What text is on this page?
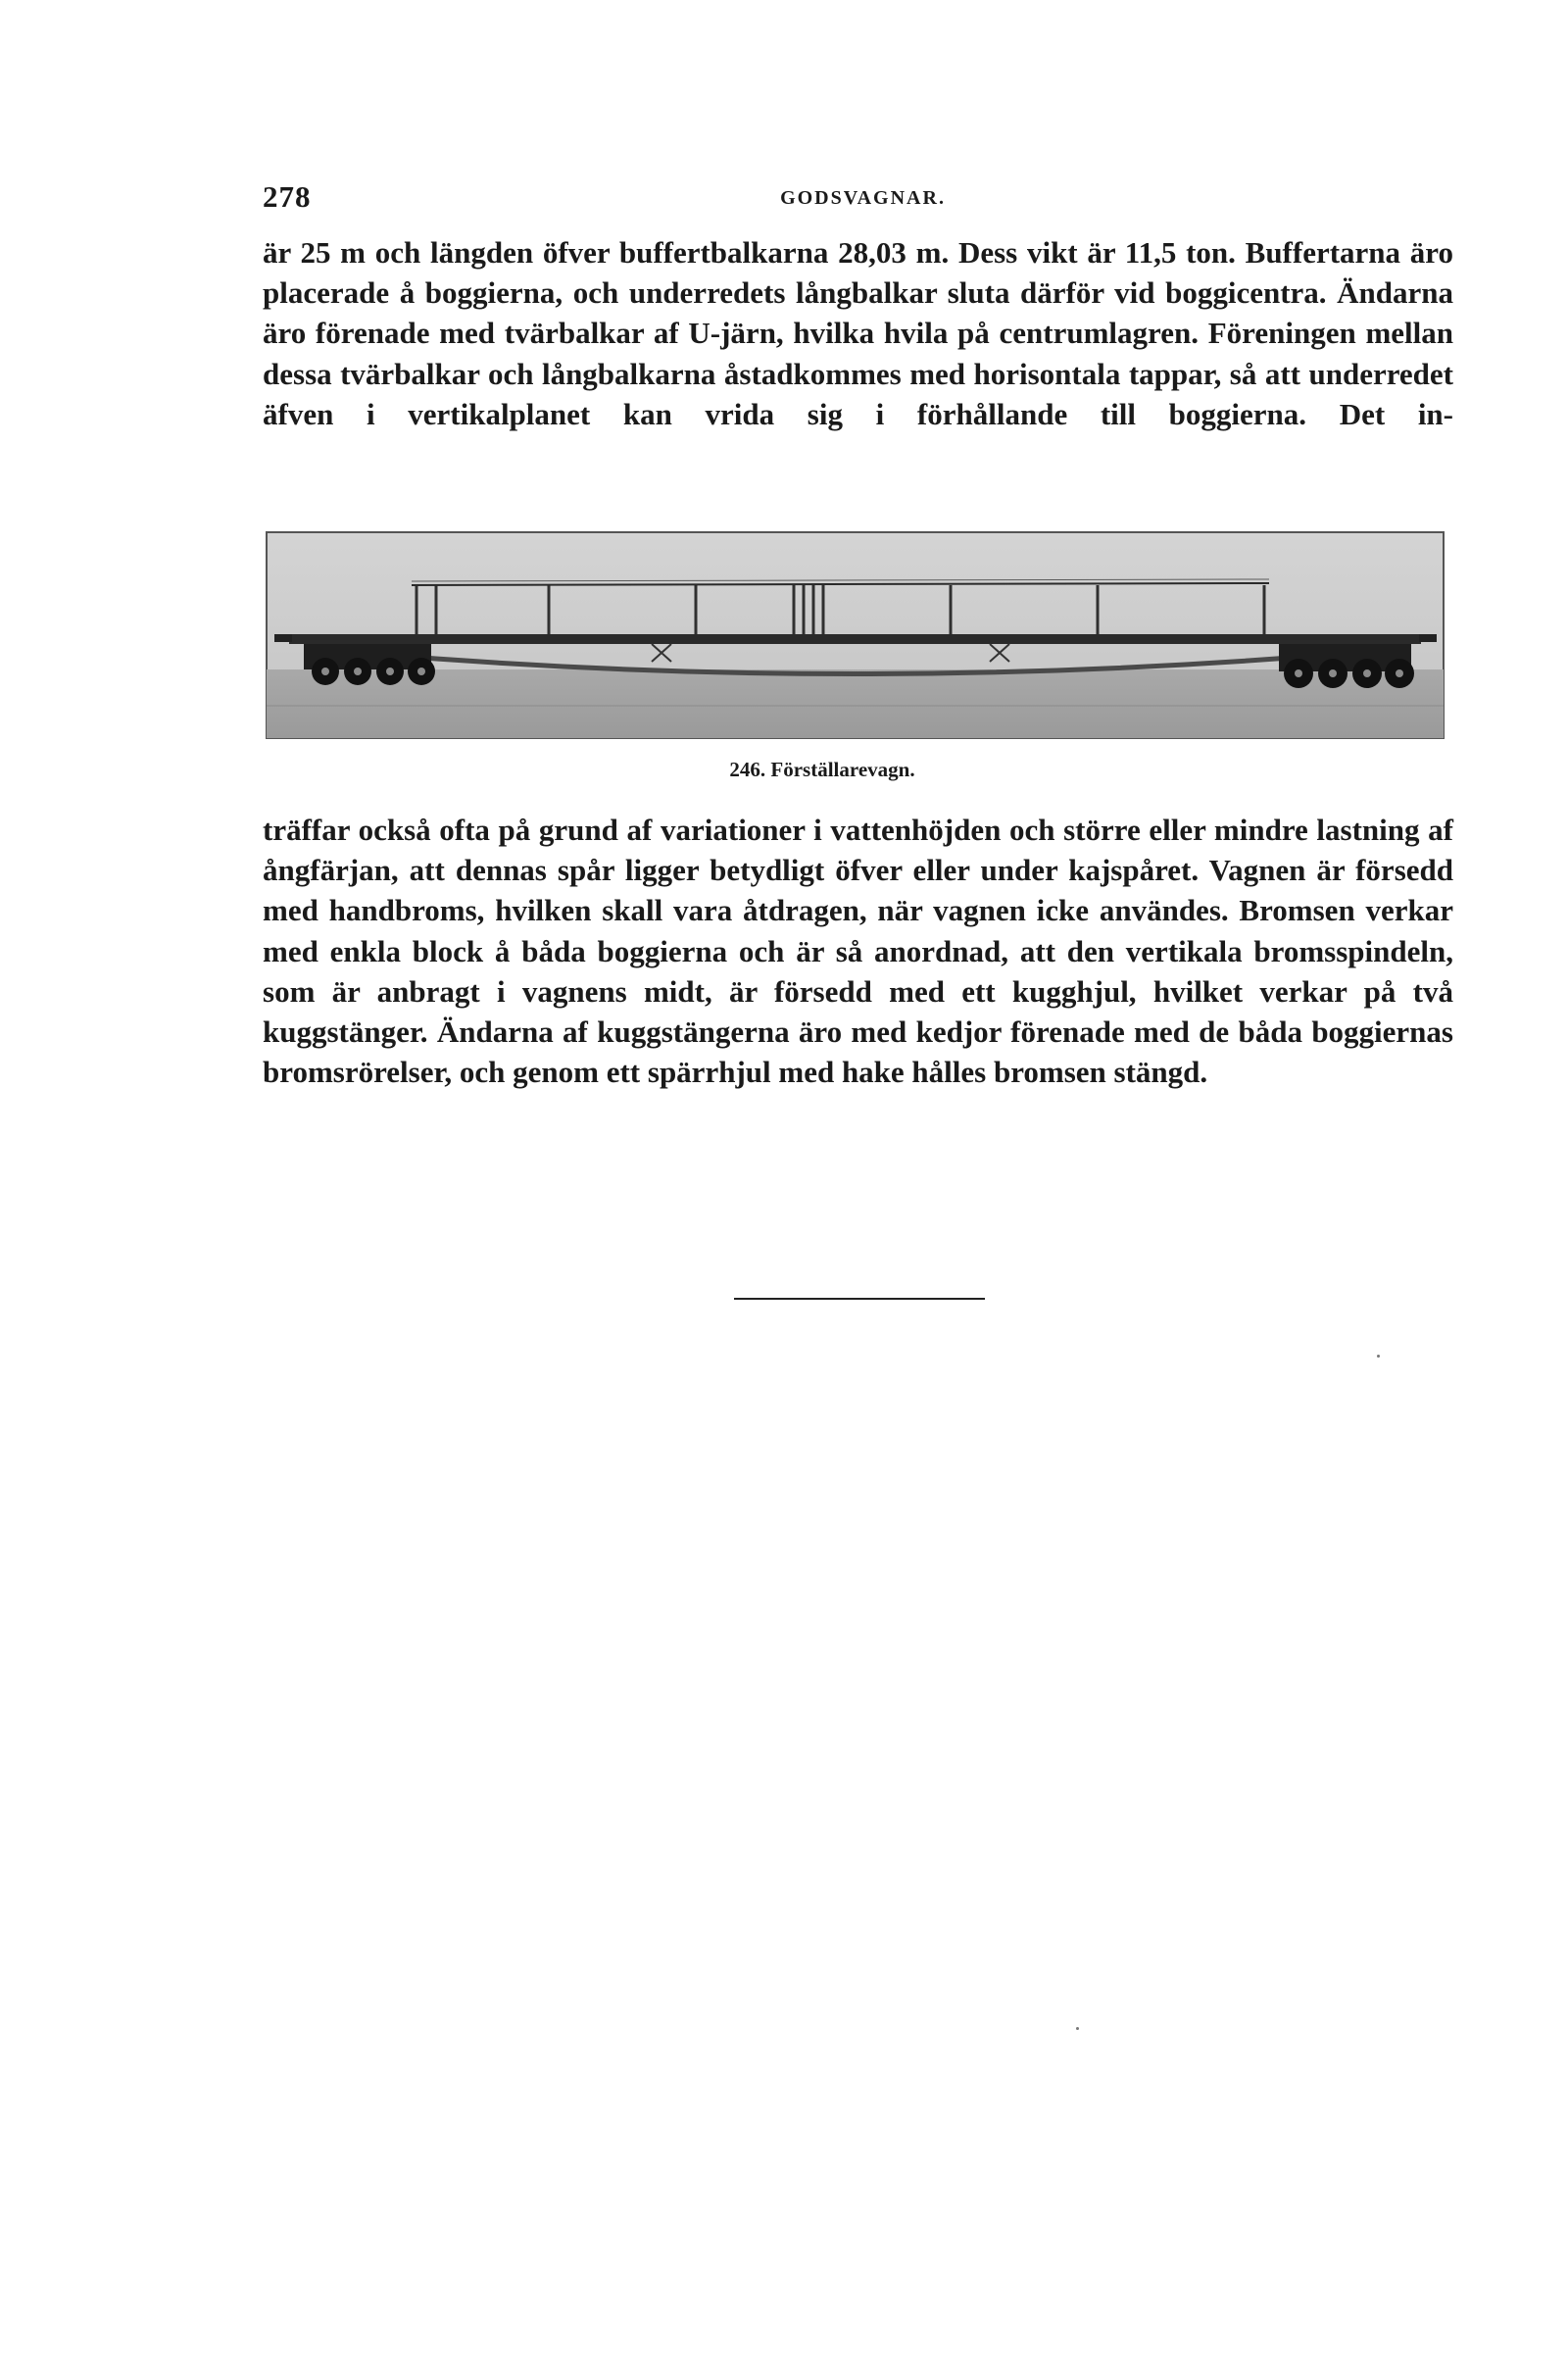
278	GODSVAGNAR.

är 25 m och längden öfver buffertbalkarna 28,03 m. Dess vikt är 11,5 ton. Buffertarna äro placerade å boggierna, och underredets långbalkar sluta därför vid boggicentra. Ändarna äro förenade med tvärbalkar af U-järn, hvilka hvila på centrumlagren. Föreningen mellan dessa tvärbalkar och långbalkarna åstadkommes med horisontala tappar, så att underredet äfven i vertikalplanet kan vrida sig i förhållande till boggierna. Det in-

246. Förställarevagn.

träffar också ofta på grund af variationer i vattenhöjden och större eller mindre lastning af ångfärjan, att dennas spår ligger betydligt öfver eller under kajspåret. Vagnen är försedd med handbroms, hvilken skall vara åtdragen, när vagnen icke användes. Bromsen verkar med enkla block å båda boggierna och är så anordnad, att den vertikala bromsspindeln, som är anbragt i vagnens midt, är försedd med ett kugghjul, hvilket verkar på två kuggstänger. Ändarna af kuggstängerna äro med kedjor förenade med de båda boggiernas bromsrörelser, och genom ett spärrhjul med hake hålles bromsen stängd.
